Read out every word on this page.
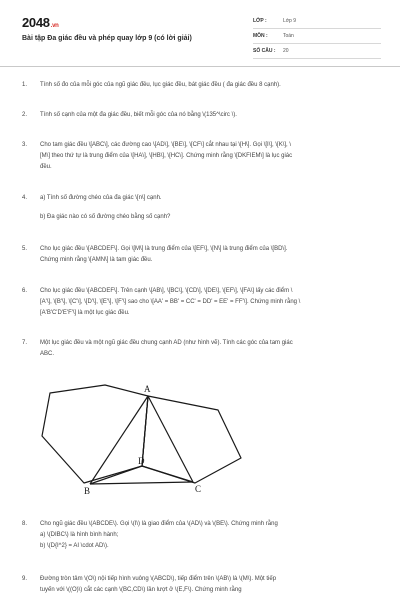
2048.vn
Bài tập Đa giác đều và phép quay lớp 9 (có lời giải)
LỚP :	Lớp 9
MÔN :	Toán
SỐ CÂU : 20
1. Tính số đo của mỗi góc của ngũ giác đều, lục giác đều, bát giác đều ( đa giác đều 8 cạnh).
2. Tính số cạnh của một đa giác đều, biết mỗi góc của nó bằng \(135^\circ \).
3. Cho tam giác đều \[ABC\], các đường cao \[AD\], \[BE\], \[CF\] cắt nhau tại \[H\]. Gọi \[I\], \[K\], \
[M\] theo thứ tự là trung điểm của \[HA\], \[HB\], \[HC\]. Chứng minh rằng \[DKFIEM\] là lục giác
đều.
4. a) Tính số đường chéo của đa giác \[n\] cạnh.
b) Đa giác nào có số đường chéo bằng số cạnh?
5. Cho lục giác đều \[ABCDEF\]. Gọi \[M\] là trung điểm của \[EF\], \[N\] là trung điểm của \[BD\].
Chứng minh rằng \[AMN\] là tam giác đều.
6. Cho lục giác đều \[ABCDEF\]. Trên cạnh \[AB\], \[BC\], \[CD\], \[DE\], \[EF\], \[FA\] lấy các điểm \
[A'\], \[B'\], \[C'\], \[D'\], \[E'\], \[F'\] sao cho \[AA' = BB' = CC' = DD' = EE' = FF'\]. Chứng minh rằng \
[A'B'C'D'E'F'\] là một lục giác đều.
7. Một lục giác đều và một ngũ giác đều chung cạnh AD (như hình vẽ). Tính các góc của tam giác
ABC.
A
B	C
D
8. Cho ngũ giác đều \(ABCDE\). Gọi \(I\) là giao điểm của \(AD\) và \(BE\). Chứng minh rằng
a) \(DIBC\) là hình bình hành;
b) \(D{I^2} = AI \cdot AD\).
9. Đường tròn tâm \(O\) nội tiếp hình vuông \(ABCD\), tiếp điểm trên \(AB\) là \(M\). Một tiếp
tuyến với \((O)\) cắt các cạnh \(BC,CD\) lần lượt ở \(E,F\). Chứng minh rằng
